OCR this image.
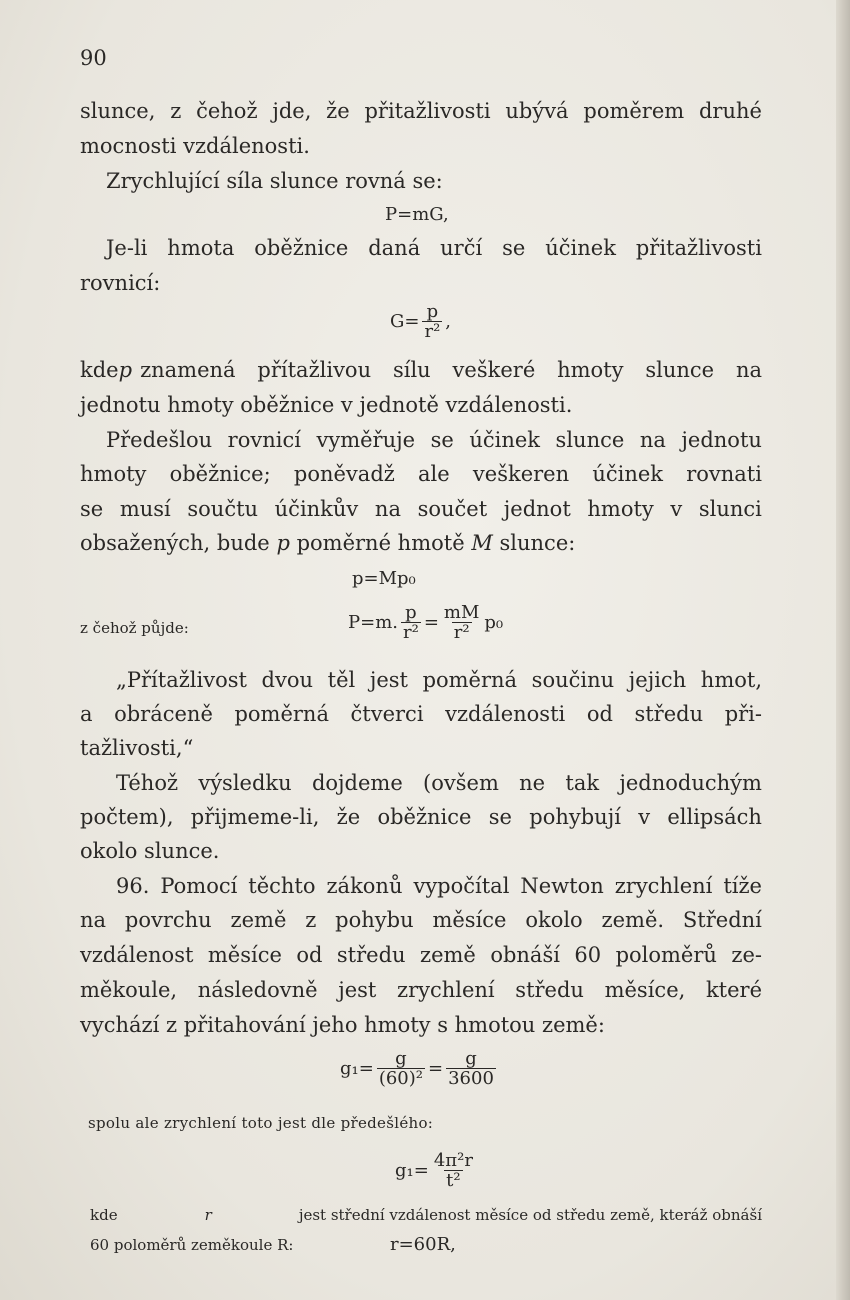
90
slunce, z čehož jde, že přitažlivosti ubývá poměrem druhé
mocnosti vzdálenosti.
Zrychlující síla slunce rovná se:
P=mG,
Je-li hmota oběžnice daná určí se účinek přitažlivosti
rovnicí:
$G= \frac{p}{\text{r²}}$ ,
kde p znamená přítažlivou sílu veškeré hmoty slunce na
jednotu hmoty oběžnice v jednotě vzdálenosti.
Předešlou rovnicí vyměřuje se účinek slunce na jednotu
hmoty oběžnice; poněvadž ale veškeren účinek rovnati
se musí součtu účinkův na součet jednot hmoty v slunci
obsažených, bude p poměrné hmotě M slunce:
p=Mp₀
z čehož půjde:	P=m. $\frac{p}{\text{r²}} = \frac{mM}{\text{r²}} p_0$
„Přítažlivost dvou těl jest poměrná součinu jejich hmot,
a obráceně poměrná čtverci vzdálenosti od středu při-
tažlivosti,“
Téhož výsledku dojdeme (ovšem ne tak jednoduchým
počtem), přijmeme-li, že oběžnice se pohybují v ellipsách
okolo slunce.
96. Pomocí těchto zákonů vypočítal Newton zrychlení tíže
na povrchu země z pohybu měsíce okolo země. Střední
vzdálenost měsíce od středu země obnáší 60 poloměrů ze-
měkoule, následovně jest zrychlení středu měsíce, které
vychází z přitahování jeho hmoty s hmotou země:
$g_1= \frac{g}{\text{(60)²}} = \frac{g}{3600}$
spolu ale zrychlení toto jest dle předešlého:
$g_1= \frac{\text{4π²r}}{\text{t²}}$
kde	r	jest střední vzdálenost měsíce od středu země, kteráž obnáší
60 poloměrů zeměkoule R:	r=60R,
